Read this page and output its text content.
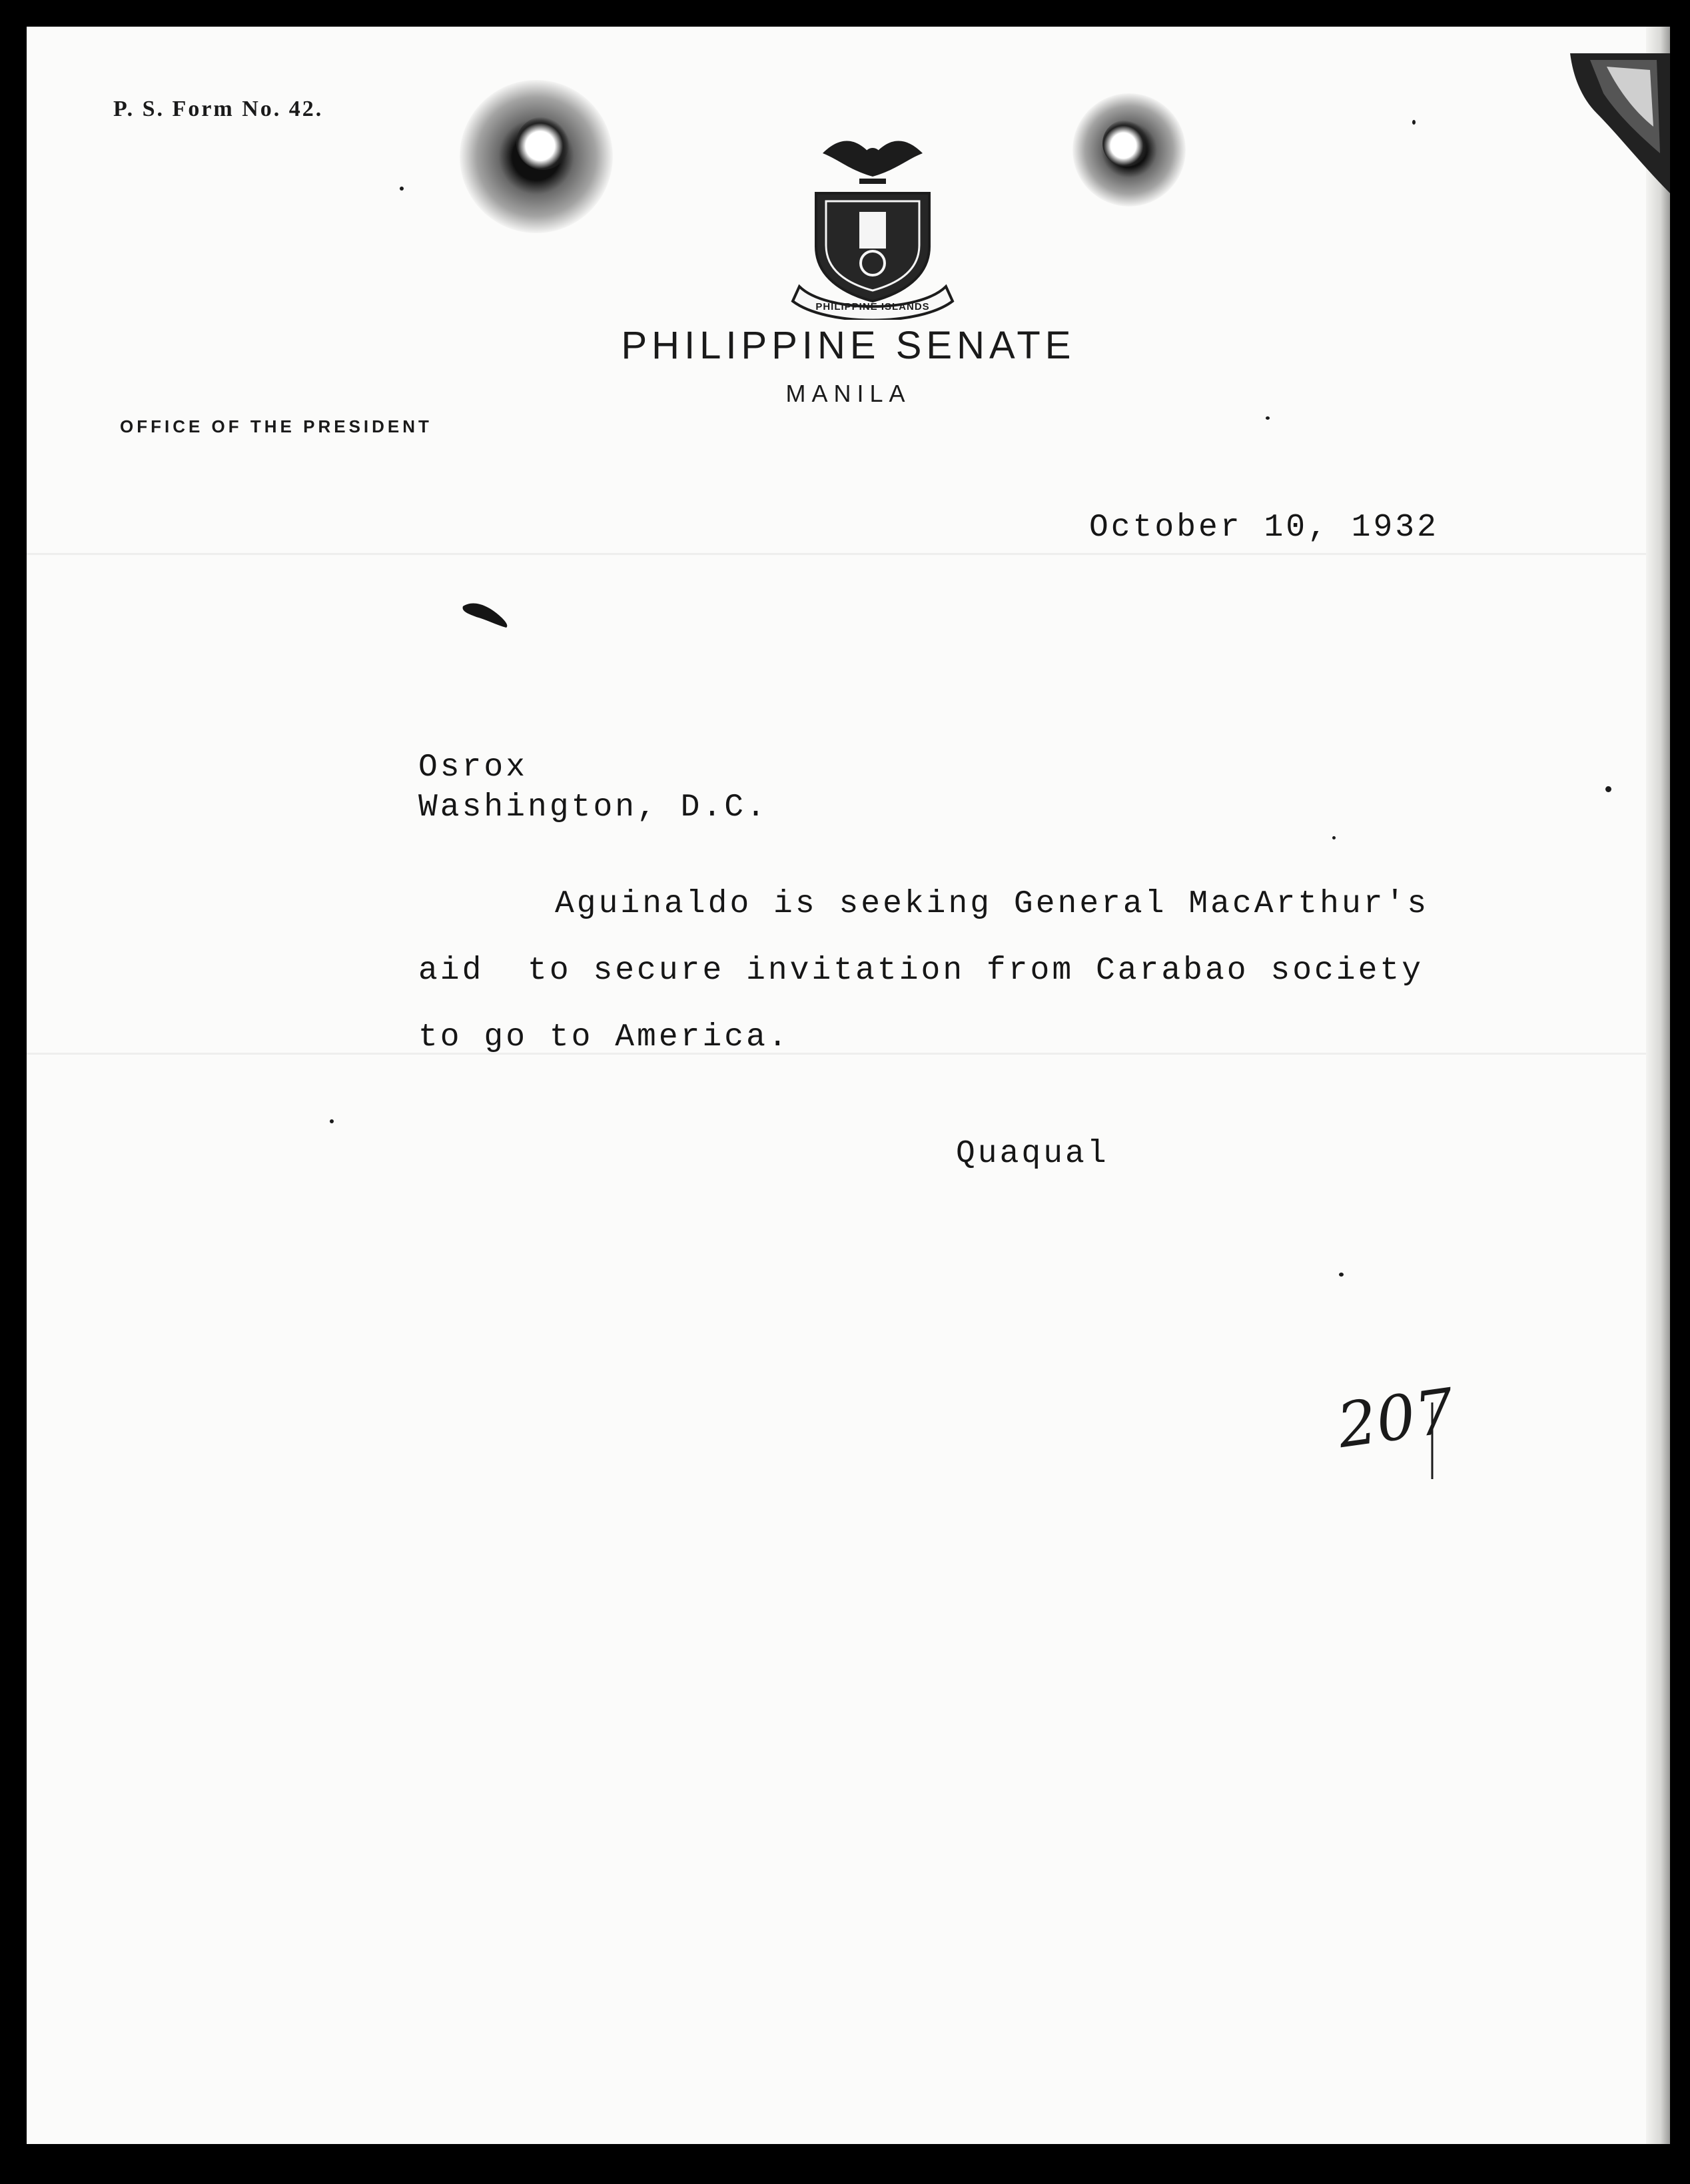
P. S. Form No. 42.
PHILIPPINE ISLANDS
PHILIPPINE SENATE
MANILA
OFFICE OF THE PRESIDENT
October 10, 1932
Osrox
Washington, D.C.
Aguinaldo is seeking General MacArthur's
aid  to secure invitation from Carabao society
to go to America.
Quaqual
207
